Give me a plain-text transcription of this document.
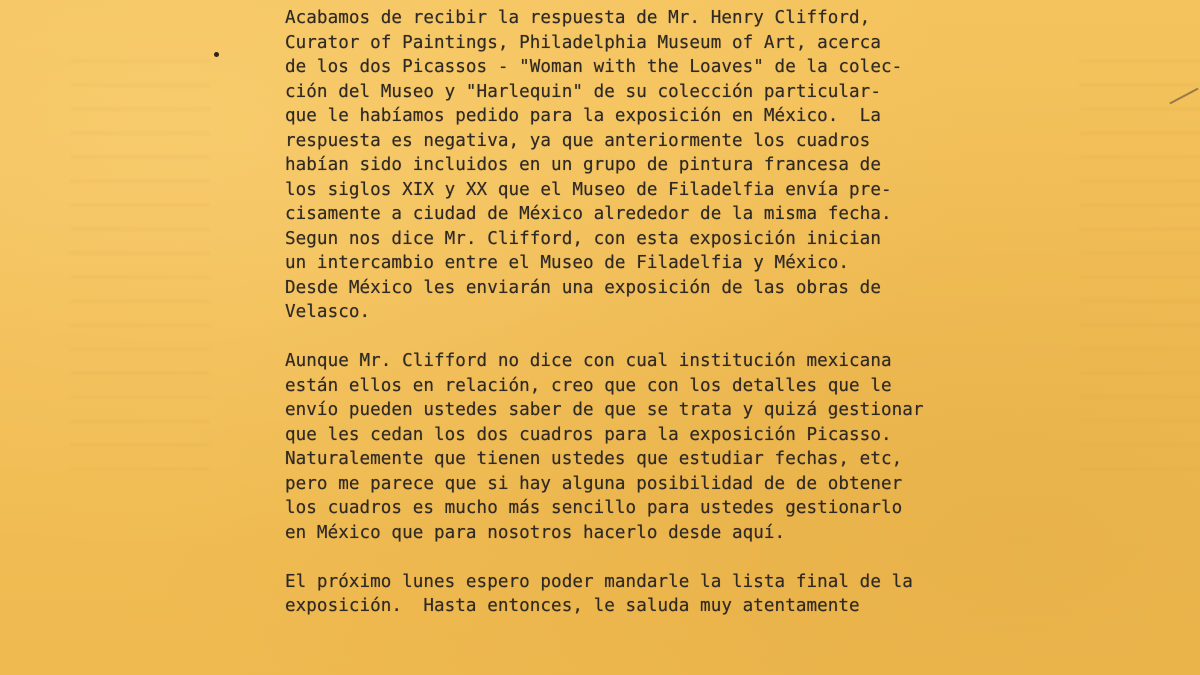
Acabamos de recibir la respuesta de Mr. Henry Clifford,
Curator of Paintings, Philadelphia Museum of Art, acerca
de los dos Picassos - "Woman with the Loaves" de la colec-
ción del Museo y "Harlequin" de su colección particular-
que le habíamos pedido para la exposición en México.  La
respuesta es negativa, ya que anteriormente los cuadros
habían sido incluidos en un grupo de pintura francesa de
los siglos XIX y XX que el Museo de Filadelfia envía pre-
cisamente a ciudad de México alrededor de la misma fecha.
Segun nos dice Mr. Clifford, con esta exposición inician
un intercambio entre el Museo de Filadelfia y México.
Desde México les enviarán una exposición de las obras de
Velasco.
Aunque Mr. Clifford no dice con cual institución mexicana
están ellos en relación, creo que con los detalles que le
envío pueden ustedes saber de que se trata y quizá gestionar
que les cedan los dos cuadros para la exposición Picasso.
Naturalemente que tienen ustedes que estudiar fechas, etc,
pero me parece que si hay alguna posibilidad de de obtener
los cuadros es mucho más sencillo para ustedes gestionarlo
en México que para nosotros hacerlo desde aquí.
El próximo lunes espero poder mandarle la lista final de la
exposición.  Hasta entonces, le saluda muy atentamente
